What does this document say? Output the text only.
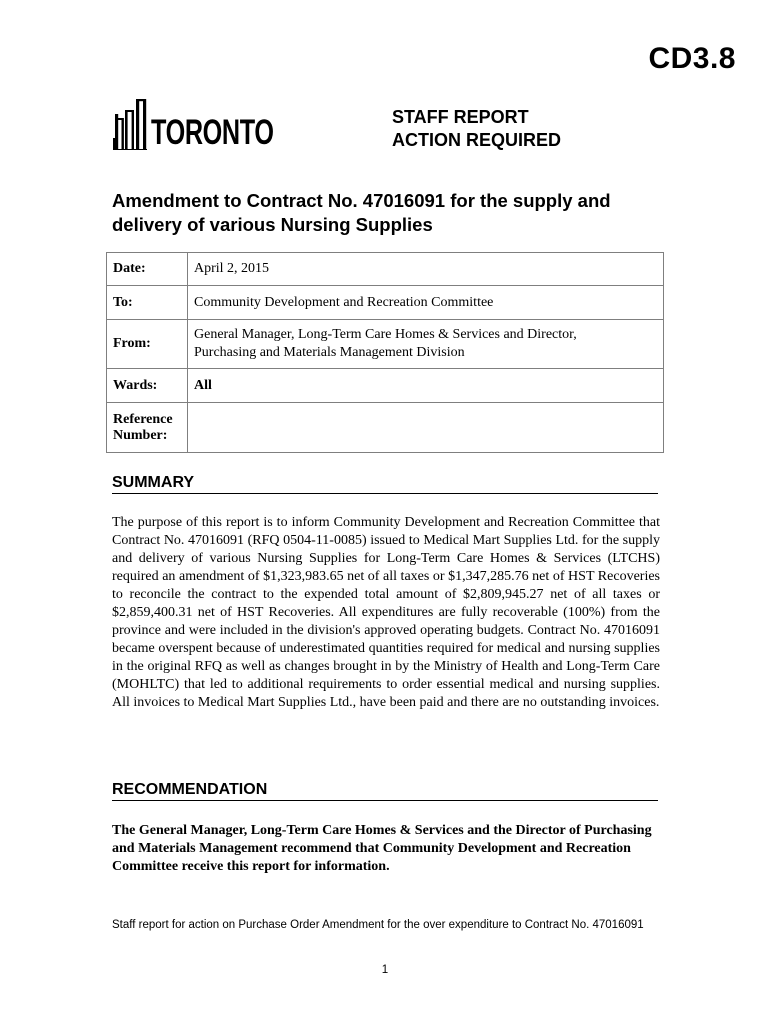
CD3.8
TORONTO	STAFF REPORT
ACTION REQUIRED
Amendment to Contract No. 47016091 for the supply and delivery of various Nursing Supplies
Date:	April 2, 2015
To:	Community Development and Recreation Committee
From:	General Manager, Long-Term Care Homes & Services and Director,
Purchasing and Materials Management Division

Wards:	All

Reference
Number:	

SUMMARY
The purpose of this report is to inform Community Development and Recreation Committee that Contract No. 47016091 (RFQ 0504-11-0085) issued to Medical Mart Supplies Ltd. for the supply and delivery of various Nursing Supplies for Long-Term Care Homes & Services (LTCHS) required an amendment of $1,323,983.65 net of all taxes or $1,347,285.76 net of HST Recoveries to reconcile the contract to the expended total amount of $2,809,945.27 net of all taxes or $2,859,400.31 net of HST Recoveries. All expenditures are fully recoverable (100%) from the province and were included in the division's approved operating budgets. Contract No. 47016091 became overspent because of underestimated quantities required for medical and nursing supplies in the original RFQ as well as changes brought in by the Ministry of Health and Long-Term Care (MOHLTC) that led to additional requirements to order essential medical and nursing supplies. All invoices to Medical Mart Supplies Ltd., have been paid and there are no outstanding invoices.
RECOMMENDATION
The General Manager, Long-Term Care Homes & Services and the Director of Purchasing and Materials Management recommend that Community Development and Recreation Committee receive this report for information.
Staff report for action on Purchase Order Amendment for the over expenditure to Contract No. 47016091
1
